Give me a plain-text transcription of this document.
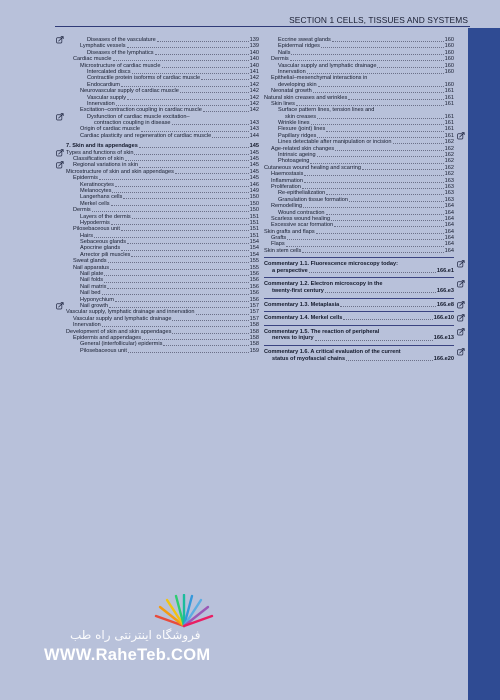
SECTION 1 CELLS, TISSUES AND SYSTEMS
Diseases of the vasculature	139
Lymphatic vessels	139
Diseases of the lymphatics	140
Cardiac muscle	140
Microstructure of cardiac muscle	140
Intercalated discs	141
Contractile protein isoforms of cardiac muscle	142
Endocardium	142
Neurovascular supply of cardiac muscle	142
Vascular supply	142
Innervation	142
Excitation–contraction coupling in cardiac muscle	142
Dysfunction of cardiac muscle excitation–
contraction coupling in disease	143
Origin of cardiac muscle	143
Cardiac plasticity and regeneration of cardiac muscle	144
7. Skin and its appendages	145
Types and functions of skin	145
Classification of skin	145
Regional variations in skin	145
Microstructure of skin and skin appendages	145
Epidermis	145
Keratinocytes	146
Melanocytes	149
Langerhans cells	150
Merkel cells	150
Dermis	150
Layers of the dermis	151
Hypodermis	151
Pilosebaceous unit	151
Hairs	151
Sebaceous glands	154
Apocrine glands	154
Arrector pili muscles	154
Sweat glands	155
Nail apparatus	155
Nail plate	156
Nail folds	156
Nail matrix	156
Nail bed	156
Hyponychium	156
Nail growth	157
Vascular supply, lymphatic drainage and innervation	157
Vascular supply and lymphatic drainage	157
Innervation	158
Development of skin and skin appendages	158
Epidermis and appendages	158
General (interfollicular) epidermis	158
Pilosebaceous unit	159
Eccrine sweat glands	160
Epidermal ridges	160
Nails	160
Dermis	160
Vascular supply and lymphatic drainage	160
Innervation	160
Epithelial–mesenchymal interactions in
developing skin	160
Neonatal growth	161
Natural skin creases and wrinkles	161
Skin lines	161
Surface pattern lines, tension lines and
skin creases	161
Wrinkle lines	161
Flexure (joint) lines	161
Papillary ridges	161
Lines detectable after manipulation or incision	162
Age-related skin changes	162
Intrinsic ageing	162
Photoageing	162
Cutaneous wound healing and scarring	162
Haemostasis	162
Inflammation	163
Proliferation	163
Re-epithelialization	163
Granulation tissue formation	163
Remodelling	164
Wound contraction	164
Scarless wound healing	164
Excessive scar formation	164
Skin grafts and flaps	164
Grafts	164
Flaps	164
Skin stem cells	164
Commentary 1.1. Fluorescence microscopy today:
a perspective	166.e1
Commentary 1.2. Electron microscopy in the
twenty-first century	166.e3
Commentary 1.3. Metaplasia	166.e8
Commentary 1.4. Merkel cells	166.e10
Commentary 1.5. The reaction of peripheral
nerves to injury	166.e13
Commentary 1.6. A critical evaluation of the current
status of myofascial chains	166.e20
فروشگاه اینترنتی راه طب
WWW.RaheTeb.COM
